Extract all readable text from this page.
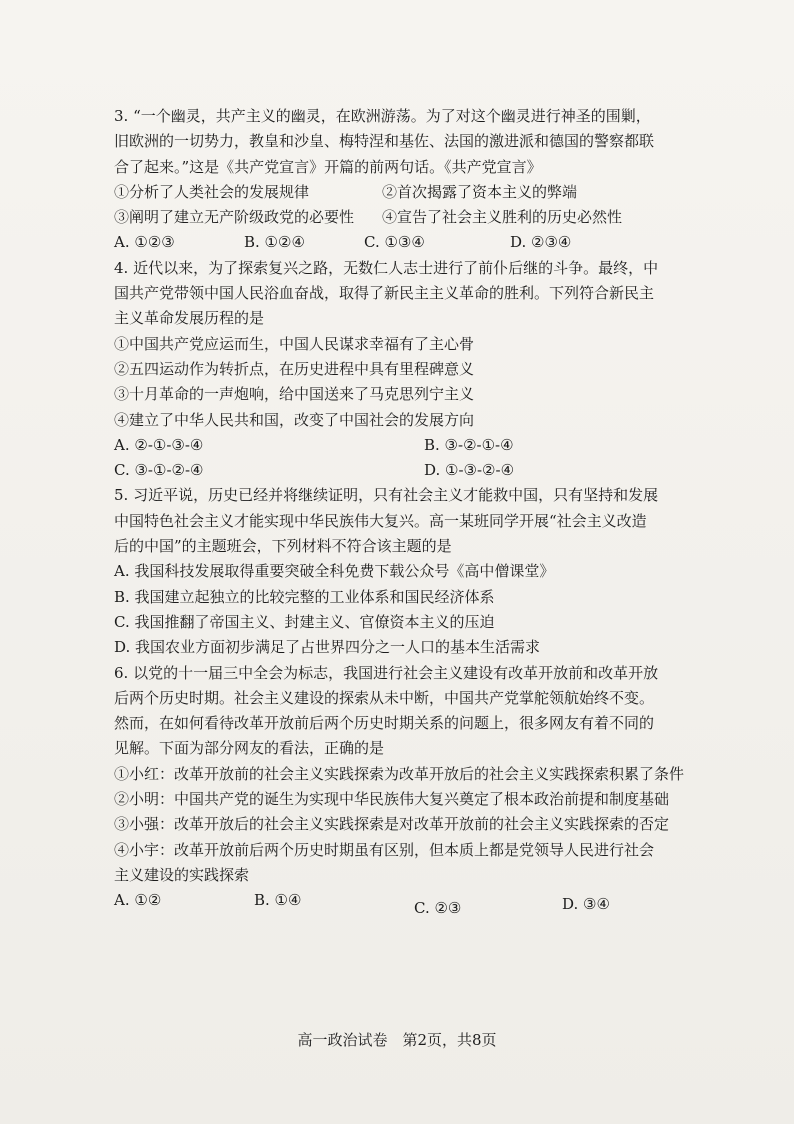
3. “一个幽灵，共产主义的幽灵，在欧洲游荡。为了对这个幽灵进行神圣的围剿，
旧欧洲的一切势力，教皇和沙皇、梅特涅和基佐、法国的激进派和德国的警察都联
合了起来。”这是《共产党宣言》开篇的前两句话。《共产党宣言》
①分析了人类社会的发展规律	②首次揭露了资本主义的弊端
③阐明了建立无产阶级政党的必要性 ④宣告了社会主义胜利的历史必然性
A. ①②③	B. ①②④	C. ①③④	D. ②③④
4. 近代以来，为了探索复兴之路，无数仁人志士进行了前仆后继的斗争。最终，中
国共产党带领中国人民浴血奋战，取得了新民主主义革命的胜利。下列符合新民主
主义革命发展历程的是
①中国共产党应运而生，中国人民谋求幸福有了主心骨
②五四运动作为转折点，在历史进程中具有里程碑意义
③十月革命的一声炮响，给中国送来了马克思列宁主义
④建立了中华人民共和国，改变了中国社会的发展方向
A. ②-①-③-④	B. ③-②-①-④
C. ③-①-②-④	D. ①-③-②-④
5. 习近平说，历史已经并将继续证明，只有社会主义才能救中国，只有坚持和发展
中国特色社会主义才能实现中华民族伟大复兴。高一某班同学开展“社会主义改造
后的中国”的主题班会，下列材料不符合该主题的是
A. 我国科技发展取得重要突破全科免费下载公众号《高中僧课堂》
B. 我国建立起独立的比较完整的工业体系和国民经济体系
C. 我国推翻了帝国主义、封建主义、官僚资本主义的压迫
D. 我国农业方面初步满足了占世界四分之一人口的基本生活需求
6. 以党的十一届三中全会为标志，我国进行社会主义建设有改革开放前和改革开放
后两个历史时期。社会主义建设的探索从未中断，中国共产党掌舵领航始终不变。
然而，在如何看待改革开放前后两个历史时期关系的问题上，很多网友有着不同的
见解。下面为部分网友的看法，正确的是
①小红：改革开放前的社会主义实践探索为改革开放后的社会主义实践探索积累了条件
②小明：中国共产党的诞生为实现中华民族伟大复兴奠定了根本政治前提和制度基础
③小强：改革开放后的社会主义实践探索是对改革开放前的社会主义实践探索的否定
④小宇：改革开放前后两个历史时期虽有区别，但本质上都是党领导人民进行社会
主义建设的实践探索
A. ①②	B. ①④	C. ②③	D. ③④
高一政治试卷　第2页，共8页
